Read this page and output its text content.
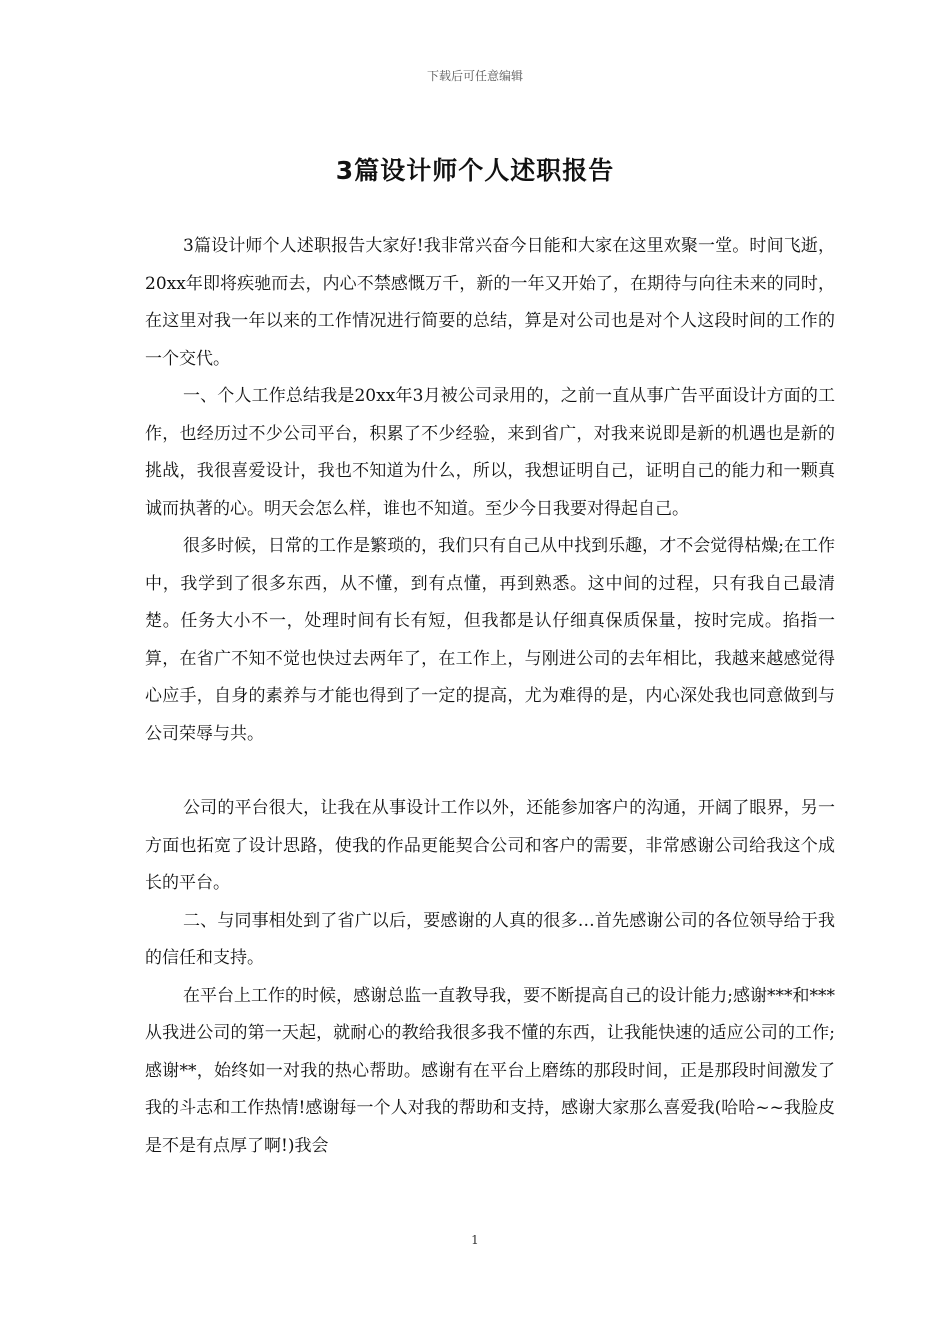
下载后可任意编辑
3篇设计师个人述职报告

3篇设计师个人述职报告大家好!我非常兴奋今日能和大家在这里欢聚一堂。时间飞逝，20xx年即将疾驰而去，内心不禁感慨万千，新的一年又开始了，在期待与向往未来的同时，在这里对我一年以来的工作情况进行简要的总结，算是对公司也是对个人这段时间的工作的一个交代。

一、个人工作总结我是20xx年3月被公司录用的，之前一直从事广告平面设计方面的工作，也经历过不少公司平台，积累了不少经验，来到省广，对我来说即是新的机遇也是新的挑战，我很喜爱设计，我也不知道为什么，所以，我想证明自己，证明自己的能力和一颗真诚而执著的心。明天会怎么样，谁也不知道。至少今日我要对得起自己。

很多时候，日常的工作是繁琐的，我们只有自己从中找到乐趣，才不会觉得枯燥;在工作中，我学到了很多东西，从不懂，到有点懂，再到熟悉。这中间的过程，只有我自己最清楚。任务大小不一，处理时间有长有短，但我都是认仔细真保质保量，按时完成。掐指一算，在省广不知不觉也快过去两年了，在工作上，与刚进公司的去年相比，我越来越感觉得心应手，自身的素养与才能也得到了一定的提高，尤为难得的是，内心深处我也同意做到与公司荣辱与共。

公司的平台很大，让我在从事设计工作以外，还能参加客户的沟通，开阔了眼界，另一方面也拓宽了设计思路，使我的作品更能契合公司和客户的需要，非常感谢公司给我这个成长的平台。

二、与同事相处到了省广以后，要感谢的人真的很多…首先感谢公司的各位领导给于我的信任和支持。

在平台上工作的时候，感谢总监一直教导我，要不断提高自己的设计能力;感谢***和***从我进公司的第一天起，就耐心的教给我很多我不懂的东西，让我能快速的适应公司的工作;感谢**，始终如一对我的热心帮助。感谢有在平台上磨练的那段时间，正是那段时间激发了我的斗志和工作热情!感谢每一个人对我的帮助和支持，感谢大家那么喜爱我(哈哈~~我脸皮是不是有点厚了啊!)我会

1
